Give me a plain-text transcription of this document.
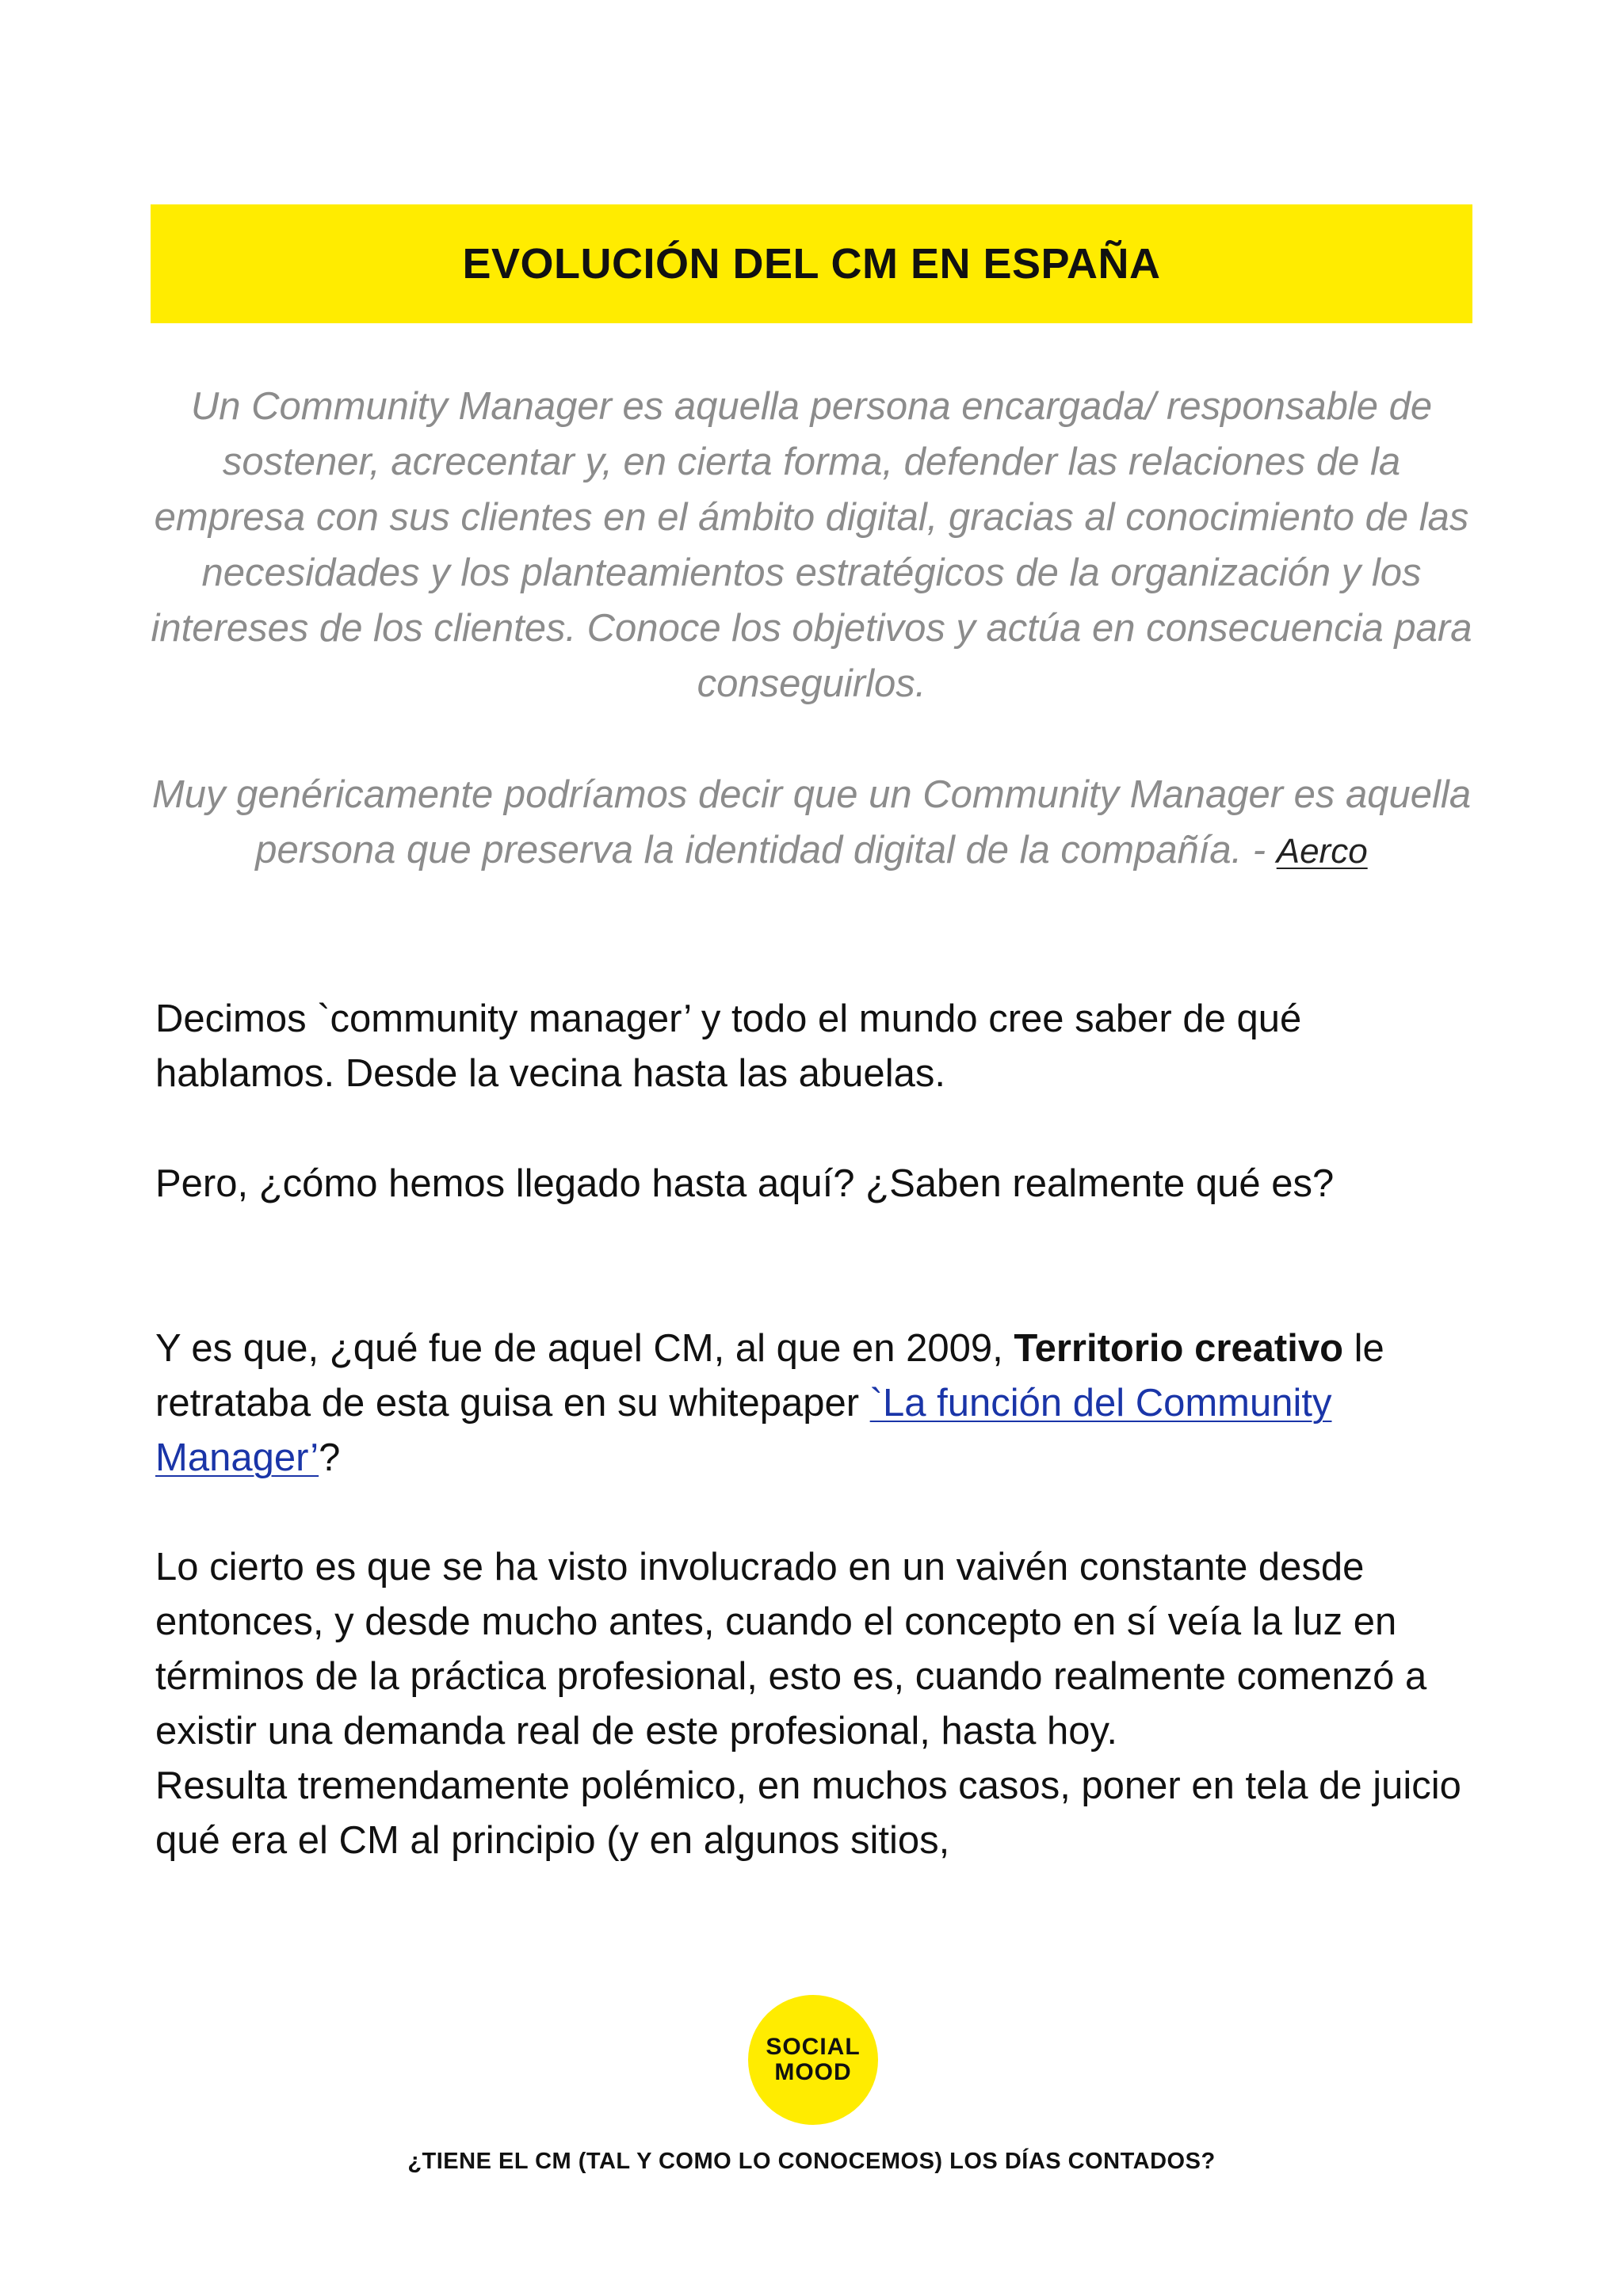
EVOLUCIÓN DEL CM EN ESPAÑA

Un Community Manager es aquella persona encargada/ responsable de sostener, acrecentar y, en cierta forma, defender las relaciones de la empresa con sus clientes en el ámbito digital, gracias al conocimiento de las necesidades y los planteamientos estratégicos de la organización y los intereses de los clientes. Conoce los objetivos y actúa en consecuencia para conseguirlos.

Muy genéricamente podríamos decir que un Community Manager es aquella persona que preserva la identidad digital de la compañía. - Aerco

Decimos `community manager’ y todo el mundo cree saber de qué hablamos. Desde la vecina hasta las abuelas.

Pero, ¿cómo hemos llegado hasta aquí? ¿Saben realmente qué es?

Y es que, ¿qué fue de aquel CM, al que en 2009, Territorio creativo le retrataba de esta guisa en su whitepaper `La función del Community Manager’?

Lo cierto es que se ha visto involucrado en un vaivén constante desde entonces, y desde mucho antes, cuando el concepto en sí veía la luz en términos de la práctica profesional, esto es, cuando realmente comenzó a existir una demanda real de este profesional, hasta hoy.
Resulta tremendamente polémico, en muchos casos, poner en tela de juicio qué era el CM al principio (y en algunos sitios,
SOCIAL
MOOD

¿TIENE EL CM (TAL Y COMO LO CONOCEMOS) LOS DÍAS CONTADOS?
